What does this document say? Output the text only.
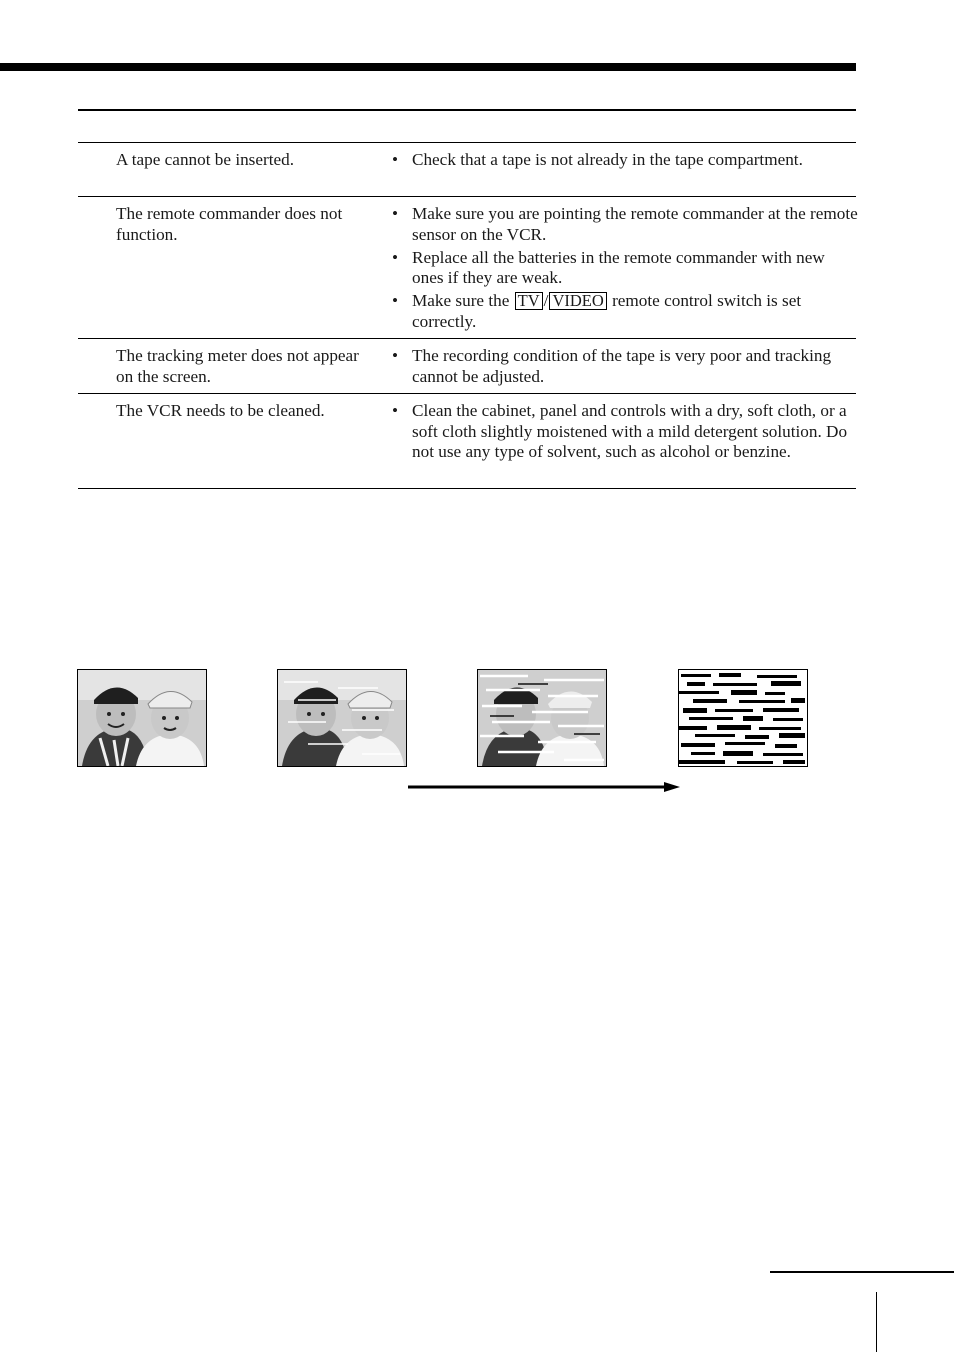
A tape cannot be inserted.	• Check that a tape is not already in the tape compartment.
The remote commander does not function.
• Make sure you are pointing the remote commander at the remote sensor on the VCR.
• Replace all the batteries in the remote commander with new ones if they are weak.
• Make sure the TV / VIDEO remote control switch is set correctly.
The tracking meter does not appear on the screen.
• The recording condition of the tape is very poor and tracking cannot be adjusted.
The VCR needs to be cleaned.	• Clean the cabinet, panel and controls with a dry, soft cloth, or a soft cloth slightly moistened with a mild detergent solution. Do not use any type of solvent, such as alcohol or benzine.
